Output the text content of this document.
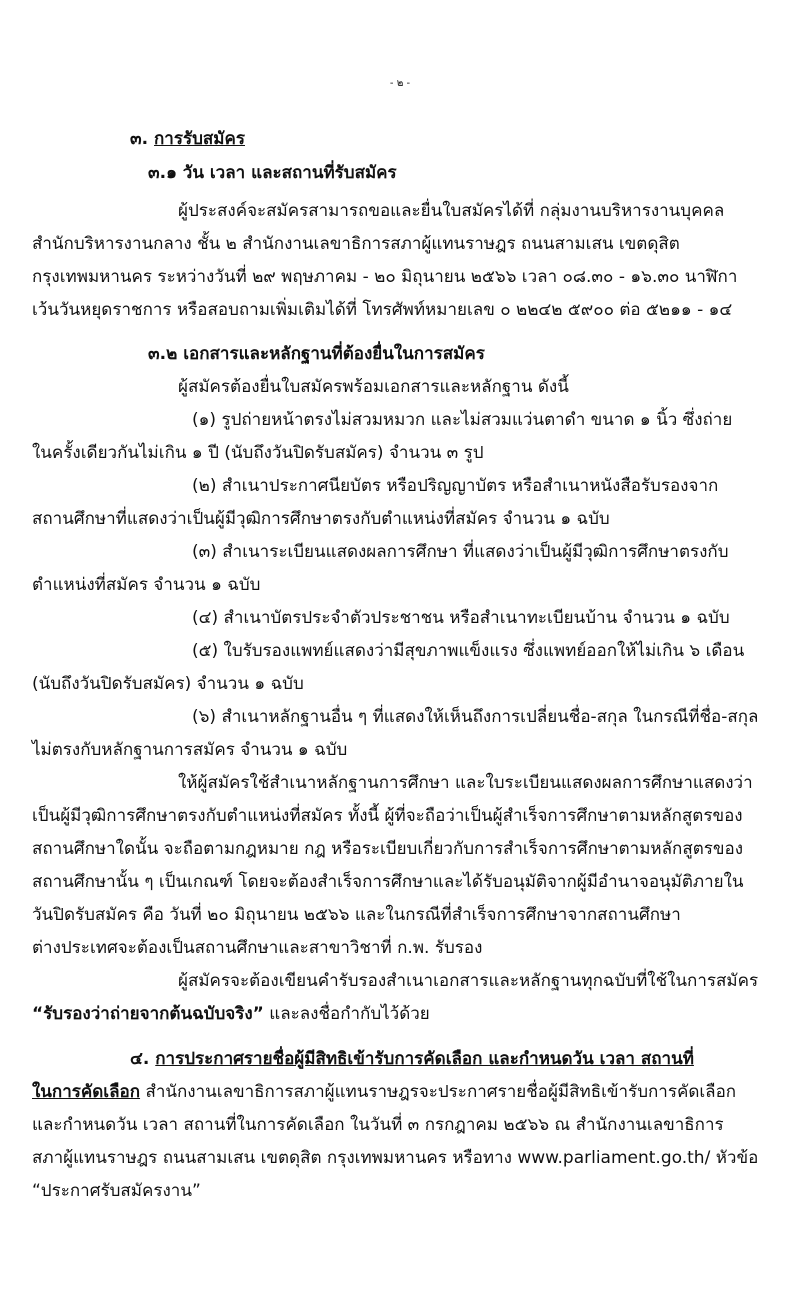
- ๒ -
๓. การรับสมัคร
๓.๑ วัน เวลา และสถานที่รับสมัคร
ผู้ประสงค์จะสมัครสามารถขอและยื่นใบสมัครได้ที่ กลุ่มงานบริหารงานบุคคล
สำนักบริหารงานกลาง ชั้น ๒ สำนักงานเลขาธิการสภาผู้แทนราษฎร ถนนสามเสน เขตดุสิต
กรุงเทพมหานคร ระหว่างวันที่ ๒๙ พฤษภาคม - ๒๐ มิถุนายน ๒๕๖๖ เวลา ๐๘.๓๐ - ๑๖.๓๐ นาฬิกา
เว้นวันหยุดราชการ หรือสอบถามเพิ่มเติมได้ที่ โทรศัพท์หมายเลข ๐ ๒๒๔๒ ๕๙๐๐ ต่อ ๕๒๑๑ - ๑๔
๓.๒ เอกสารและหลักฐานที่ต้องยื่นในการสมัคร
ผู้สมัครต้องยื่นใบสมัครพร้อมเอกสารและหลักฐาน ดังนี้
(๑) รูปถ่ายหน้าตรงไม่สวมหมวก และไม่สวมแว่นตาดำ ขนาด ๑ นิ้ว ซึ่งถ่าย
ในครั้งเดียวกันไม่เกิน ๑ ปี (นับถึงวันปิดรับสมัคร) จำนวน ๓ รูป
(๒) สำเนาประกาศนียบัตร หรือปริญญาบัตร หรือสำเนาหนังสือรับรองจาก
สถานศึกษาที่แสดงว่าเป็นผู้มีวุฒิการศึกษาตรงกับตำแหน่งที่สมัคร จำนวน ๑ ฉบับ
(๓) สำเนาระเบียนแสดงผลการศึกษา ที่แสดงว่าเป็นผู้มีวุฒิการศึกษาตรงกับ
ตำแหน่งที่สมัคร จำนวน ๑ ฉบับ
(๔) สำเนาบัตรประจำตัวประชาชน หรือสำเนาทะเบียนบ้าน จำนวน ๑ ฉบับ
(๕) ใบรับรองแพทย์แสดงว่ามีสุขภาพแข็งแรง ซึ่งแพทย์ออกให้ไม่เกิน ๖ เดือน
(นับถึงวันปิดรับสมัคร) จำนวน ๑ ฉบับ
(๖) สำเนาหลักฐานอื่น ๆ ที่แสดงให้เห็นถึงการเปลี่ยนชื่อ-สกุล ในกรณีที่ชื่อ-สกุล
ไม่ตรงกับหลักฐานการสมัคร จำนวน ๑ ฉบับ
ให้ผู้สมัครใช้สำเนาหลักฐานการศึกษา และใบระเบียนแสดงผลการศึกษาแสดงว่า
เป็นผู้มีวุฒิการศึกษาตรงกับตำแหน่งที่สมัคร ทั้งนี้ ผู้ที่จะถือว่าเป็นผู้สำเร็จการศึกษาตามหลักสูตรของ
สถานศึกษาใดนั้น จะถือตามกฎหมาย กฎ หรือระเบียบเกี่ยวกับการสำเร็จการศึกษาตามหลักสูตรของ
สถานศึกษานั้น ๆ เป็นเกณฑ์ โดยจะต้องสำเร็จการศึกษาและได้รับอนุมัติจากผู้มีอำนาจอนุมัติภายใน
วันปิดรับสมัคร คือ วันที่ ๒๐ มิถุนายน ๒๕๖๖ และในกรณีที่สำเร็จการศึกษาจากสถานศึกษา
ต่างประเทศจะต้องเป็นสถานศึกษาและสาขาวิชาที่ ก.พ. รับรอง
ผู้สมัครจะต้องเขียนคำรับรองสำเนาเอกสารและหลักฐานทุกฉบับที่ใช้ในการสมัคร
“รับรองว่าถ่ายจากต้นฉบับจริง” และลงชื่อกำกับไว้ด้วย
๔. การประกาศรายชื่อผู้มีสิทธิเข้ารับการคัดเลือก และกำหนดวัน เวลา สถานที่
ในการคัดเลือก สำนักงานเลขาธิการสภาผู้แทนราษฎรจะประกาศรายชื่อผู้มีสิทธิเข้ารับการคัดเลือก
และกำหนดวัน เวลา สถานที่ในการคัดเลือก ในวันที่ ๓ กรกฎาคม ๒๕๖๖ ณ สำนักงานเลขาธิการ
สภาผู้แทนราษฎร ถนนสามเสน เขตดุสิต กรุงเทพมหานคร หรือทาง www.parliament.go.th/ หัวข้อ
“ประกาศรับสมัครงาน”
